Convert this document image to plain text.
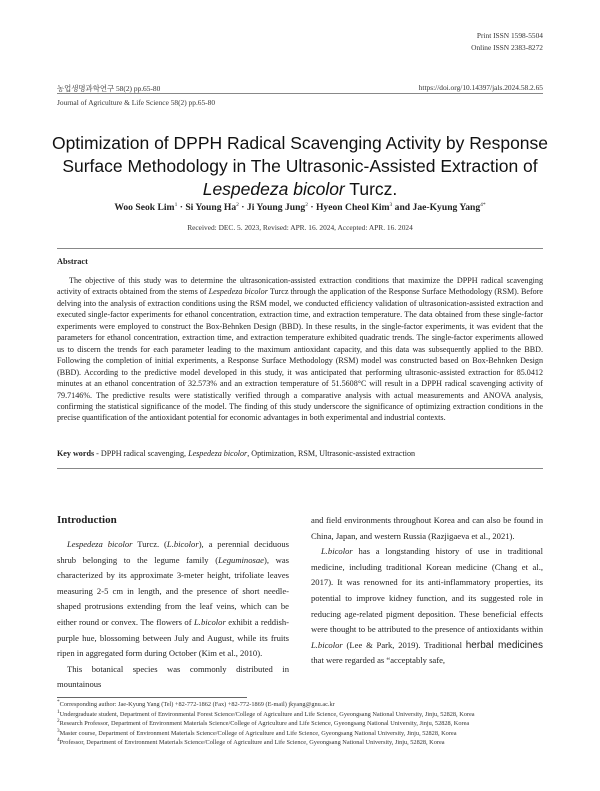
Print ISSN 1598-5504
Online ISSN 2383-8272
농업생명과학연구 58(2) pp.65-80	https://doi.org/10.14397/jals.2024.58.2.65
Journal of Agriculture & Life Science 58(2) pp.65-80
Optimization of DPPH Radical Scavenging Activity by Response
Surface Methodology in The Ultrasonic-Assisted Extraction of
Lespedeza bicolor Turcz.
Woo Seok Lim$^1$ · Si Young $Ha^2 \cdot Ji$ Young Jung$^2$ · Hyeon Cheol Kim$^3$ and Jae-Kyung Yang$^{4*}$
Received: DEC. 5. 2023, Revised: APR. 16. 2024, Accepted: APR. 16. 2024
Abstract

The objective of this study was to determine the ultrasonication-assisted extraction conditions that maximize the DPPH radical scavenging activity of extracts obtained from the stems of Lespedeza bicolor Turcz through the application of the Response Surface Methodology (RSM). Before delving into the analysis of extraction conditions using the RSM model, we conducted efficiency validation of ultrasonication-assisted extraction and executed single-factor experiments for ethanol concentration, extraction time, and extraction temperature. The data obtained from these single-factor experiments were employed to construct the Box-Behnken Design (BBD). In these results, in the single-factor experiments, it was evident that the parameters for ethanol concentration, extraction time, and extraction temperature exhibited quadratic trends. The single-factor experiments allowed us to discern the trends for each parameter leading to the maximum antioxidant capacity, and this data was subsequently applied to the BBD. Following the completion of initial experiments, a Response Surface Methodology (RSM) model was constructed based on Box-Behnken Design (BBD). According to the predictive model developed in this study, it was anticipated that performing ultrasonic-assisted extraction for 85.0412 minutes at an ethanol concentration of 32.573% and an extraction temperature of 51.5608°C will result in a DPPH radical scavenging activity of 79.7146%. The predictive results were statistically verified through a comparative analysis with actual measurements and ANOVA analysis, confirming the statistical significance of the model. The finding of this study underscore the significance of optimizing extraction conditions in the precise quantification of the antioxidant potential for economic advantages in both experimental and industrial contexts.

Key words - DPPH radical scavenging, Lespedeza bicolor, Optimization, RSM, Ultrasonic-assisted extraction
Introduction

Lespedeza bicolor Turcz. (L.bicolor), a perennial deciduous shrub belonging to the legume family (Leguminosae), was characterized by its approximate 3-meter height, trifoliate leaves measuring 2-5 cm in length, and the presence of short needle-shaped protrusions extending from the leaf veins, which can be either round or convex. The flowers of L.bicolor exhibit a reddish-purple hue, blossoming between July and August, while its fruits ripen in aggregated form during October (Kim et al., 2010).

This botanical species was commonly distributed in mountainous

and field environments throughout Korea and can also be found in China, Japan, and western Russia (Razjigaeva et al., 2021).

L.bicolor has a longstanding history of use in traditional medicine, including traditional Korean medicine (Chang et al., 2017). It was renowned for its anti-inflammatory properties, its potential to improve kidney function, and its suggested role in reducing age-related pigment deposition. These beneficial effects were thought to be attributed to the presence of antioxidants within L.bicolor (Lee & Park, 2019). Traditional herbal medicines that were regarded as “acceptably safe,

*Corresponding author: Jae-Kyung Yang (Tel) +82-772-1862 (Fax) +82-772-1869 (E-mail) jkyang@gnu.ac.kr

$^1$Undergraduate student, Department of Environmental Forest Science/College of Agriculture and Life Science, Gyeongsang National University, Jinju, 52828, Korea

$^2$Research Professor, Department of Environment Materials Science/College of Agriculture and Life Science, Gyeongsang National University, Jinju, 52828, Korea

$^3$Master course, Department of Environment Materials Science/College of Agriculture and Life Science, Gyeongsang National University, Jinju, 52828, Korea

$^4$Professor, Department of Environment Materials Science/College of Agriculture and Life Science, Gyeongsang National University, Jinju, 52828, Korea
